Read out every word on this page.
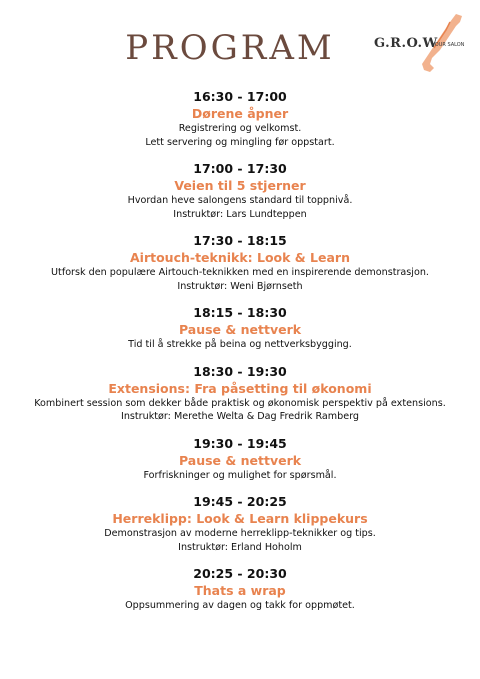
PROGRAM	G.R.O.W
YOUR SALON
16:30 - 17:00
Dørene åpner
Registrering og velkomst.
Lett servering og mingling før oppstart.
17:00 - 17:30
Veien til 5 stjerner
Hvordan heve salongens standard til toppnivå.
Instruktør: Lars Lundteppen
17:30 - 18:15
Airtouch-teknikk: Look & Learn
Utforsk den populære Airtouch-teknikken med en inspirerende demonstrasjon.
Instruktør: Weni Bjørnseth
18:15 - 18:30
Pause & nettverk
Tid til å strekke på beina og nettverksbygging.
18:30 - 19:30
Extensions: Fra påsetting til økonomi
Kombinert session som dekker både praktisk og økonomisk perspektiv på extensions.
Instruktør: Merethe Welta & Dag Fredrik Ramberg
19:30 - 19:45
Pause & nettverk
Forfriskninger og mulighet for spørsmål.
19:45 - 20:25
Herreklipp: Look & Learn klippekurs
Demonstrasjon av moderne herreklipp-teknikker og tips.
Instruktør: Erland Hoholm
20:25 - 20:30
Thats a wrap
Oppsummering av dagen og takk for oppmøtet.
